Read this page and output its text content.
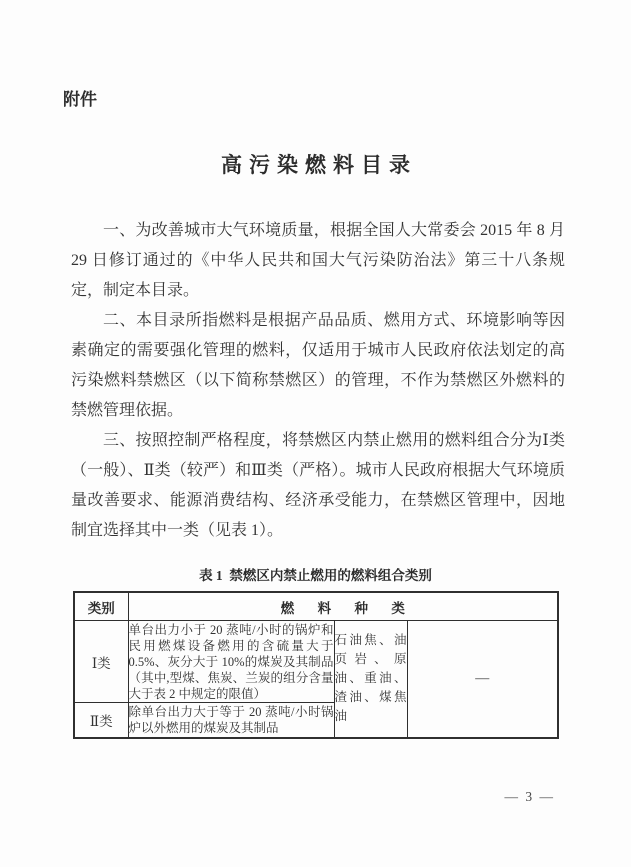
附件
高污染燃料目录

一、为改善城市大气环境质量，根据全国人大常委会 2015 年 8 月 29 日修订通过的《中华人民共和国大气污染防治法》第三十八条规定，制定本目录。

二、本目录所指燃料是根据产品品质、燃用方式、环境影响等因素确定的需要强化管理的燃料，仅适用于城市人民政府依法划定的高污染燃料禁燃区（以下简称禁燃区）的管理，不作为禁燃区外燃料的禁燃管理依据。

三、按照控制严格程度，将禁燃区内禁止燃用的燃料组合分为Ⅰ类（一般）、Ⅱ类（较严）和Ⅲ类（严格）。城市人民政府根据大气环境质量改善要求、能源消费结构、经济承受能力，在禁燃区管理中，因地制宜选择其中一类（见表 1）。

表 1  禁燃区内禁止燃用的燃料组合类别
类别	燃 料 种 类		
Ⅰ类	单台出力小于 20 蒸吨/小时的锅炉和民用燃煤设备燃用的含硫量大于 0.5%、灰分大于 10%的煤炭及其制品（其中,型煤、焦炭、兰炭的组分含量大于表 2 中规定的限值）	石油焦、油页岩、原油、重油、渣油、煤焦油	—
Ⅱ类	除单台出力大于等于 20 蒸吨/小时锅炉以外燃用的煤炭及其制品		
— 3 —
